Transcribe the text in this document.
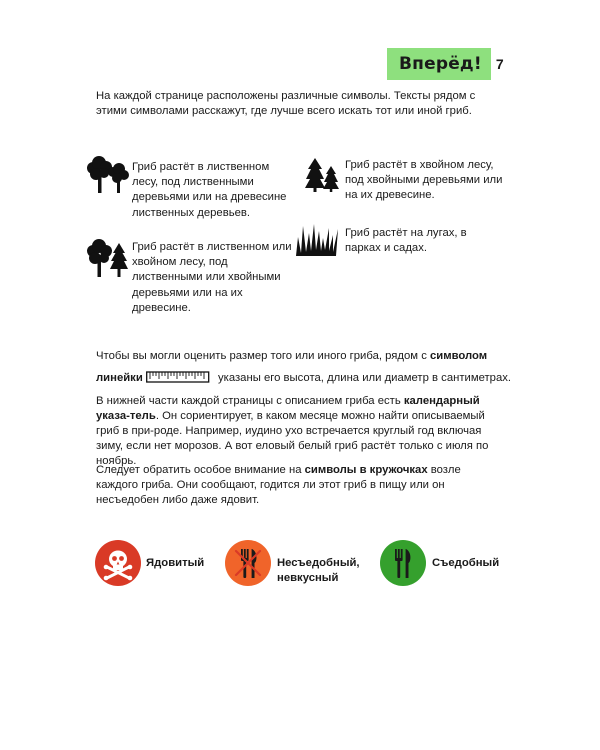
Вперёд! 7
На каждой странице расположены различные символы. Тексты рядом с этими символами расскажут, где лучше всего искать тот или иной гриб.
Гриб растёт в лиственном лесу, под лиственными деревьями или на древесине лиственных деревьев.
Гриб растёт в хвойном лесу, под хвойными деревьями или на их древесине.
Гриб растёт на лугах, в парках и садах.
Гриб растёт в лиственном или хвойном лесу, под лиственными или хвойными деревьями или на их древесине.
Чтобы вы могли оценить размер того или иного гриба, рядом с символом
линейки	указаны его высота, длина или диаметр в сантиметрах.
В нижней части каждой страницы с описанием гриба есть календарный указа-тель. Он сориентирует, в каком месяце можно найти описываемый гриб в при-роде. Например, иудино ухо встречается круглый год включая зиму, если нет морозов. А вот еловый белый гриб растёт только с июля по ноябрь.
Следует обратить особое внимание на символы в кружочках возле каждого гриба. Они сообщают, годится ли этот гриб в пищу или он несъедобен либо даже ядовит.
Ядовитый	Несъедобный, невкусный
Съедобный
